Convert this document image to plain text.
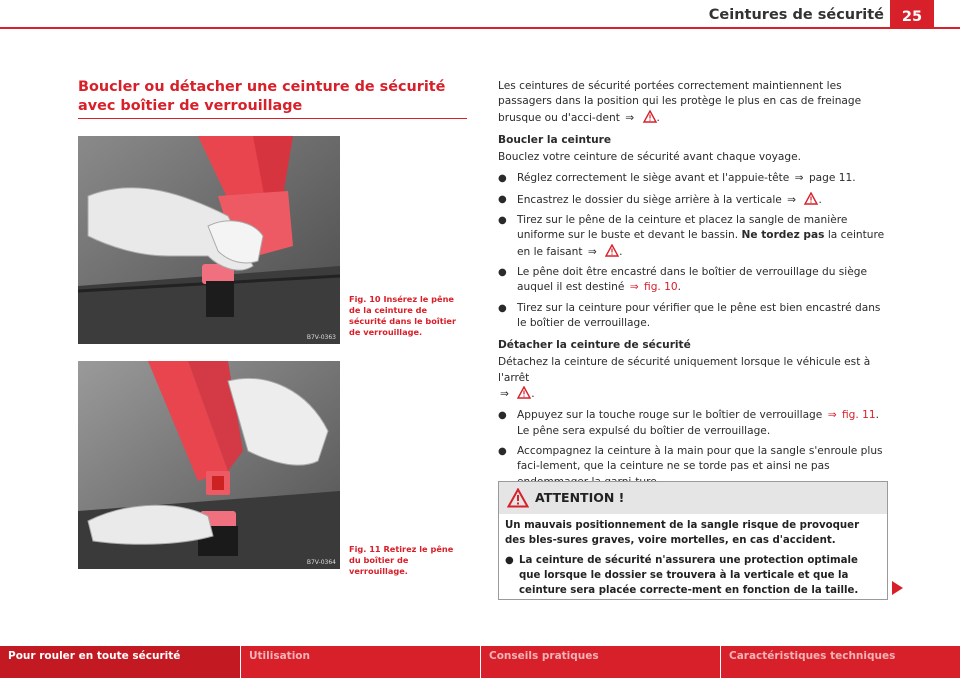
Ceintures de sécurité	25
Boucler ou détacher une ceinture de sécurité avec boîtier de verrouillage
B7V-0363
Fig. 10 Insérez le pêne de la ceinture de sécurité dans le boîtier de verrouillage.
B7V-0364
Fig. 11 Retirez le pêne du boîtier de verrouillage.

Les ceintures de sécurité portées correctement maintiennent les passagers dans la position qui les protège le plus en cas de freinage brusque ou d'acci-dent ⇒ .

Boucler la ceinture

Bouclez votre ceinture de sécurité avant chaque voyage.

● Réglez correctement le siège avant et l'appuie-tête ⇒ page 11.
● Encastrez le dossier du siège arrière à la verticale ⇒ .
● Tirez sur le pêne de la ceinture et placez la sangle de manière uniforme sur le buste et devant le bassin. Ne tordez pas la ceinture en le faisant ⇒ .
● Le pêne doit être encastré dans le boîtier de verrouillage du siège auquel il est destiné ⇒ fig. 10.
● Tirez sur la ceinture pour vérifier que le pêne est bien encastré dans le boîtier de verrouillage.

Détacher la ceinture de sécurité

Détachez la ceinture de sécurité uniquement lorsque le véhicule est à l'arrêt
⇒ .

● Appuyez sur la touche rouge sur le boîtier de verrouillage ⇒ fig. 11. Le pêne sera expulsé du boîtier de verrouillage.
● Accompagnez la ceinture à la main pour que la sangle s'enroule plus faci-lement, que la ceinture ne se torde pas et ainsi ne pas
ATTENTION !

Un mauvais positionnement de la sangle risque de provoquer des bles-sures graves, voire mortelles, en cas d'accident.

● La ceinture de sécurité n'assurera une protection optimale que lorsque le dossier se trouvera à la verticale et que la ceinture sera placée correcte-ment en fonction de la taille.
Pour rouler en toute sécurité	Utilisation	Conseils pratiques	Caractéristiques techniques
